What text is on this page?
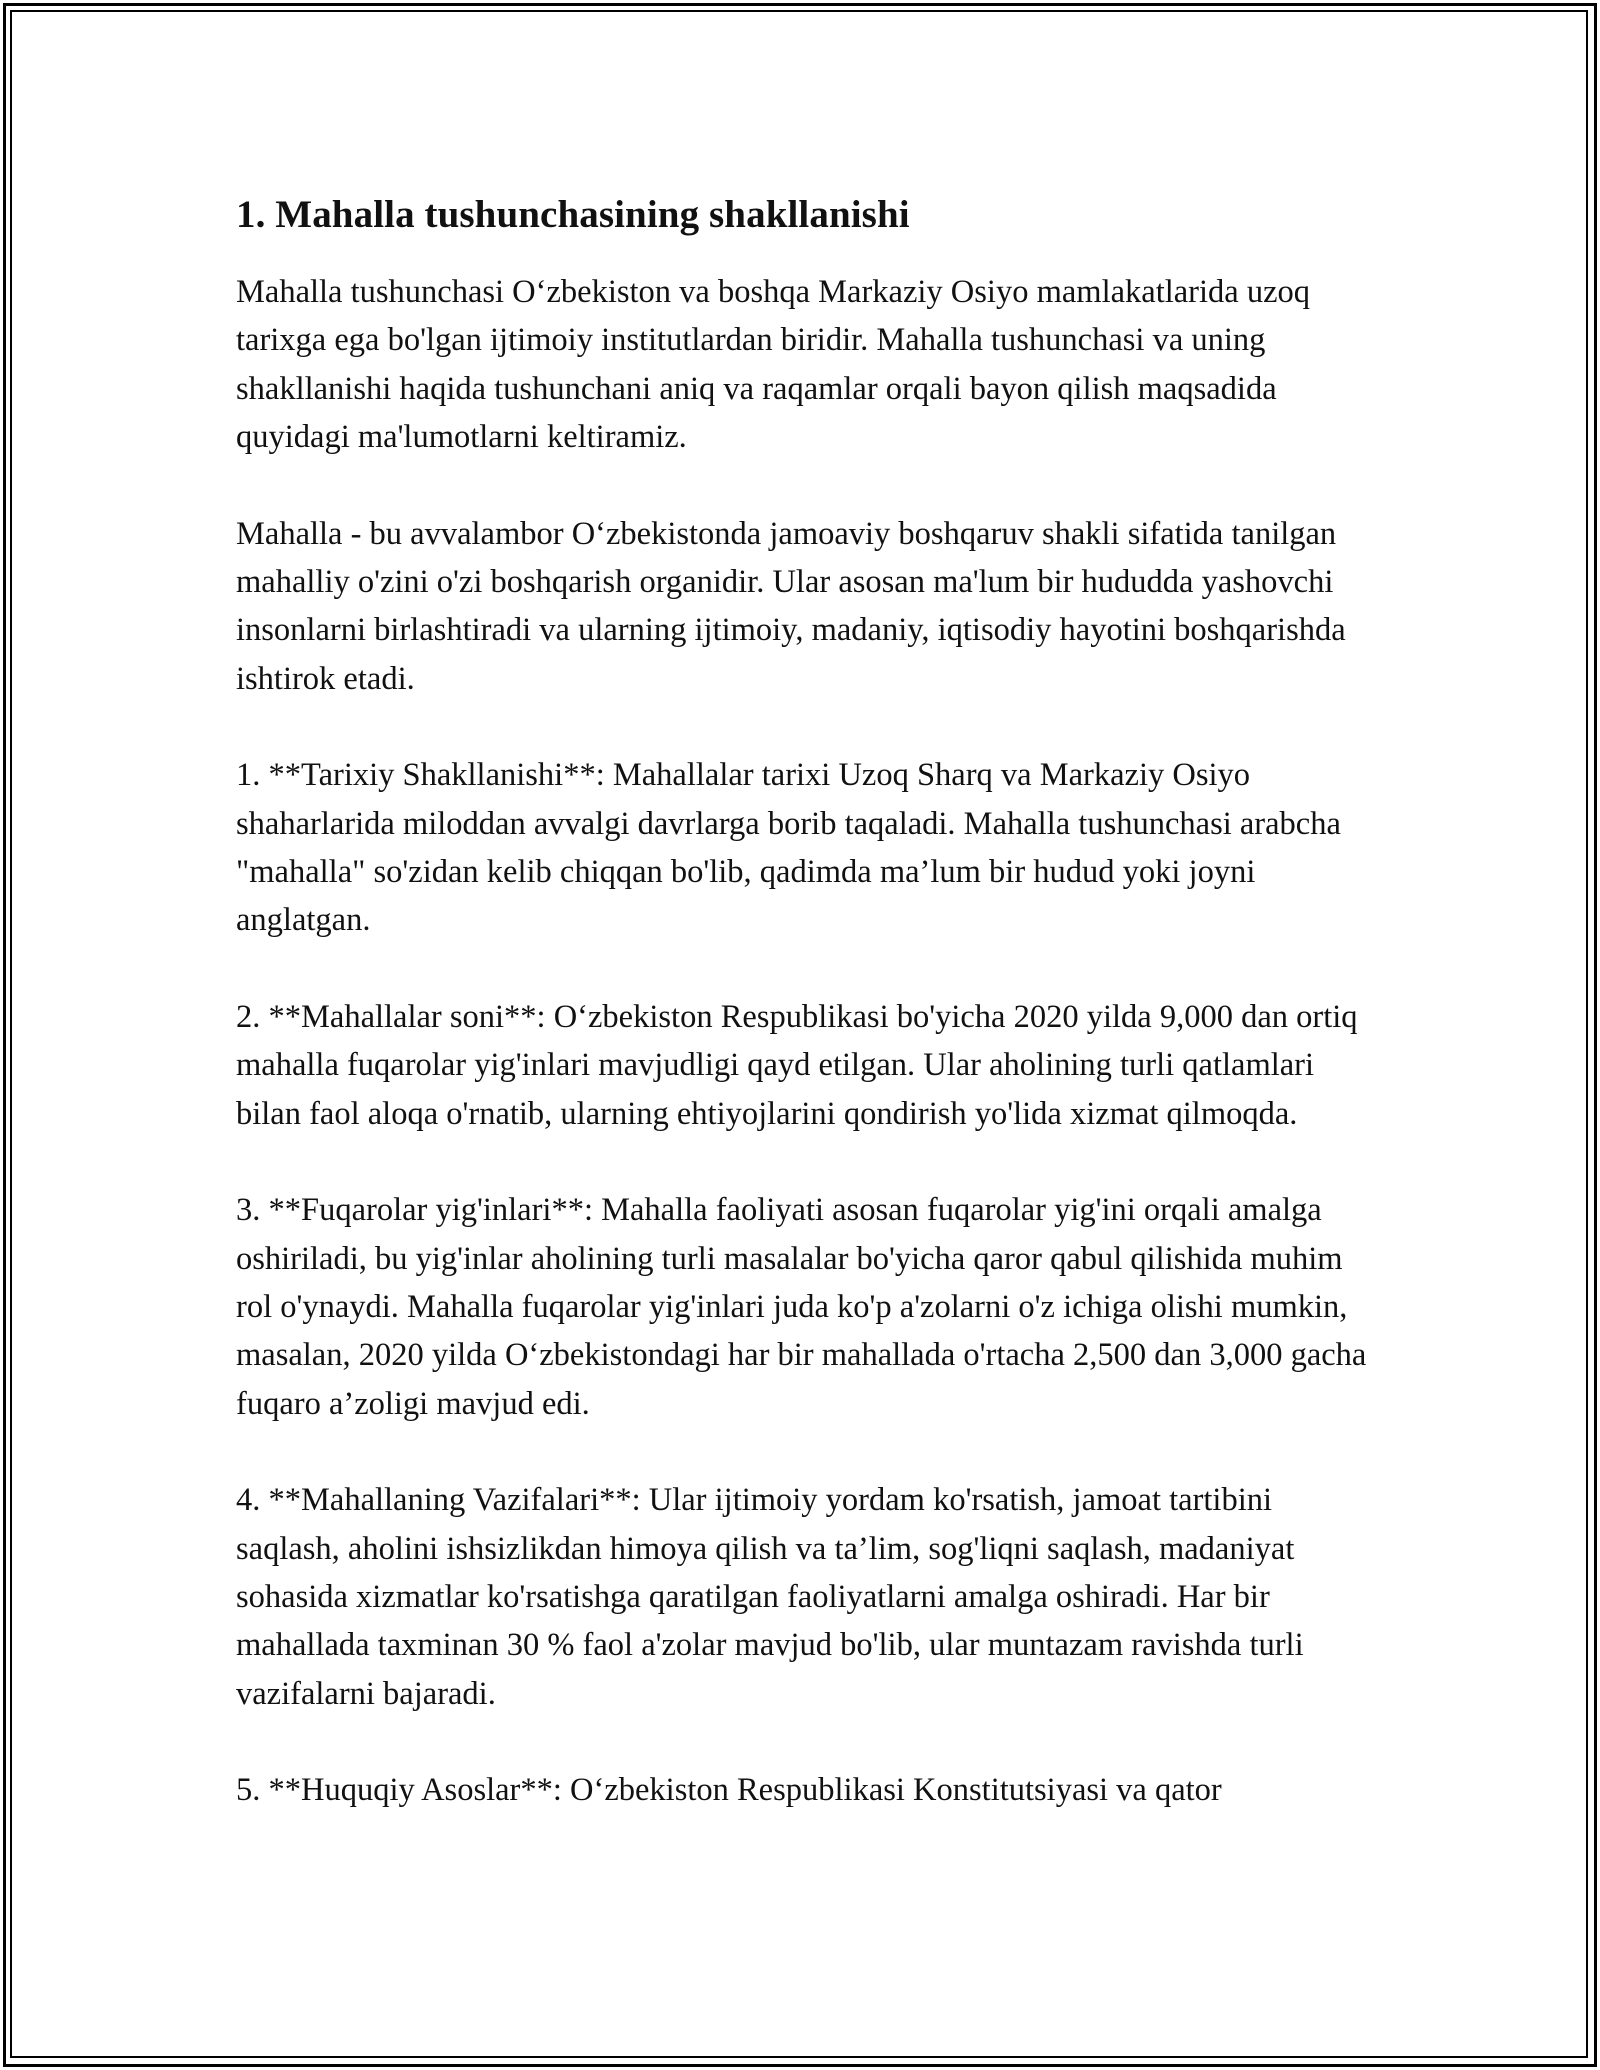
1. Mahalla tushunchasining shakllanishi

Mahalla tushunchasi O‘zbekiston va boshqa Markaziy Osiyo mamlakatlarida uzoq tarixga ega bo'lgan ijtimoiy institutlardan biridir. Mahalla tushunchasi va uning shakllanishi haqida tushunchani aniq va raqamlar orqali bayon qilish maqsadida quyidagi ma'lumotlarni keltiramiz.

Mahalla - bu avvalambor O‘zbekistonda jamoaviy boshqaruv shakli sifatida tanilgan mahalliy o'zini o'zi boshqarish organidir. Ular asosan ma'lum bir hududda yashovchi insonlarni birlashtiradi va ularning ijtimoiy, madaniy, iqtisodiy hayotini boshqarishda ishtirok etadi.

1. **Tarixiy Shakllanishi**: Mahallalar tarixi Uzoq Sharq va Markaziy Osiyo shaharlarida miloddan avvalgi davrlarga borib taqaladi. Mahalla tushunchasi arabcha "mahalla" so'zidan kelib chiqqan bo'lib, qadimda ma’lum bir hudud yoki joyni anglatgan.

2. **Mahallalar soni**: O‘zbekiston Respublikasi bo'yicha 2020 yilda 9,000 dan ortiq mahalla fuqarolar yig'inlari mavjudligi qayd etilgan. Ular aholining turli qatlamlari bilan faol aloqa o'rnatib, ularning ehtiyojlarini qondirish yo'lida xizmat qilmoqda.

3. **Fuqarolar yig'inlari**: Mahalla faoliyati asosan fuqarolar yig'ini orqali amalga oshiriladi, bu yig'inlar aholining turli masalalar bo'yicha qaror qabul qilishida muhim rol o'ynaydi. Mahalla fuqarolar yig'inlari juda ko'p a'zolarni o'z ichiga olishi mumkin, masalan, 2020 yilda O‘zbekistondagi har bir mahallada o'rtacha 2,500 dan 3,000 gacha fuqaro a’zoligi mavjud edi.

4. **Mahallaning Vazifalari**: Ular ijtimoiy yordam ko'rsatish, jamoat tartibini saqlash, aholini ishsizlikdan himoya qilish va ta’lim, sog'liqni saqlash, madaniyat sohasida xizmatlar ko'rsatishga qaratilgan faoliyatlarni amalga oshiradi. Har bir mahallada taxminan 30 % faol a'zolar mavjud bo'lib, ular muntazam ravishda turli vazifalarni bajaradi.

5. **Huquqiy Asoslar**: O‘zbekiston Respublikasi Konstitutsiyasi va qator
